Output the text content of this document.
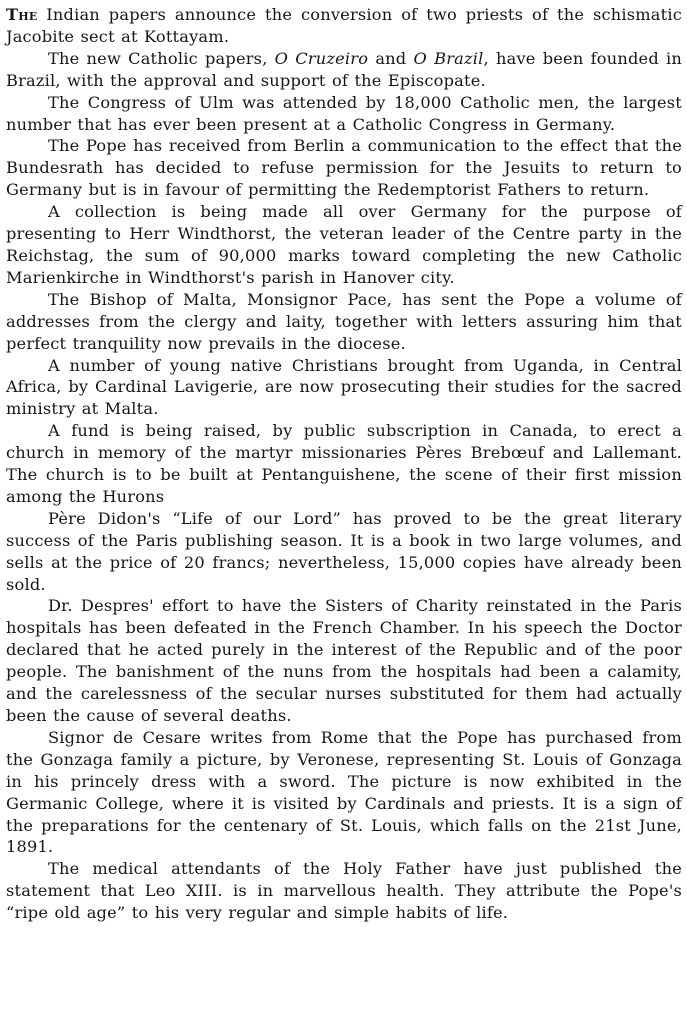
The Indian papers announce the conversion of two priests of the schismatic Jacobite sect at Kottayam.

The new Catholic papers, O Cruzeiro and O Brazil, have been founded in Brazil, with the approval and support of the Episcopate.

The Congress of Ulm was attended by 18,000 Catholic men, the largest number that has ever been present at a Catholic Congress in Germany.

The Pope has received from Berlin a communication to the effect that the Bundesrath has decided to refuse permission for the Jesuits to return to Germany but is in favour of permitting the Redemptorist Fathers to return.

A collection is being made all over Germany for the purpose of presenting to Herr Windthorst, the veteran leader of the Centre party in the Reichstag, the sum of 90,000 marks toward completing the new Catholic Marienkirche in Windthorst's parish in Hanover city.

The Bishop of Malta, Monsignor Pace, has sent the Pope a volume of addresses from the clergy and laity, together with letters assuring him that perfect tranquility now prevails in the diocese.

A number of young native Christians brought from Uganda, in Central Africa, by Cardinal Lavigerie, are now prosecuting their studies for the sacred ministry at Malta.

A fund is being raised, by public subscription in Canada, to erect a church in memory of the martyr missionaries Pères Brebœuf and Lallemant. The church is to be built at Pentanguishene, the scene of their first mission among the Hurons

Père Didon's “Life of our Lord” has proved to be the great literary success of the Paris publishing season. It is a book in two large volumes, and sells at the price of 20 francs; nevertheless, 15,000 copies have already been sold.

Dr. Despres' effort to have the Sisters of Charity reinstated in the Paris hospitals has been defeated in the French Chamber. In his speech the Doctor declared that he acted purely in the interest of the Republic and of the poor people. The banishment of the nuns from the hospitals had been a calamity, and the carelessness of the secular nurses substituted for them had actually been the cause of several deaths.

Signor de Cesare writes from Rome that the Pope has purchased from the Gonzaga family a picture, by Veronese, representing St. Louis of Gonzaga in his princely dress with a sword. The picture is now exhibited in the Germanic College, where it is visited by Cardinals and priests. It is a sign of the preparations for the centenary of St. Louis, which falls on the 21st June, 1891.

The medical attendants of the Holy Father have just published the statement that Leo XIII. is in marvellous health. They attribute the Pope's “ripe old age” to his very regular and simple habits of life.
